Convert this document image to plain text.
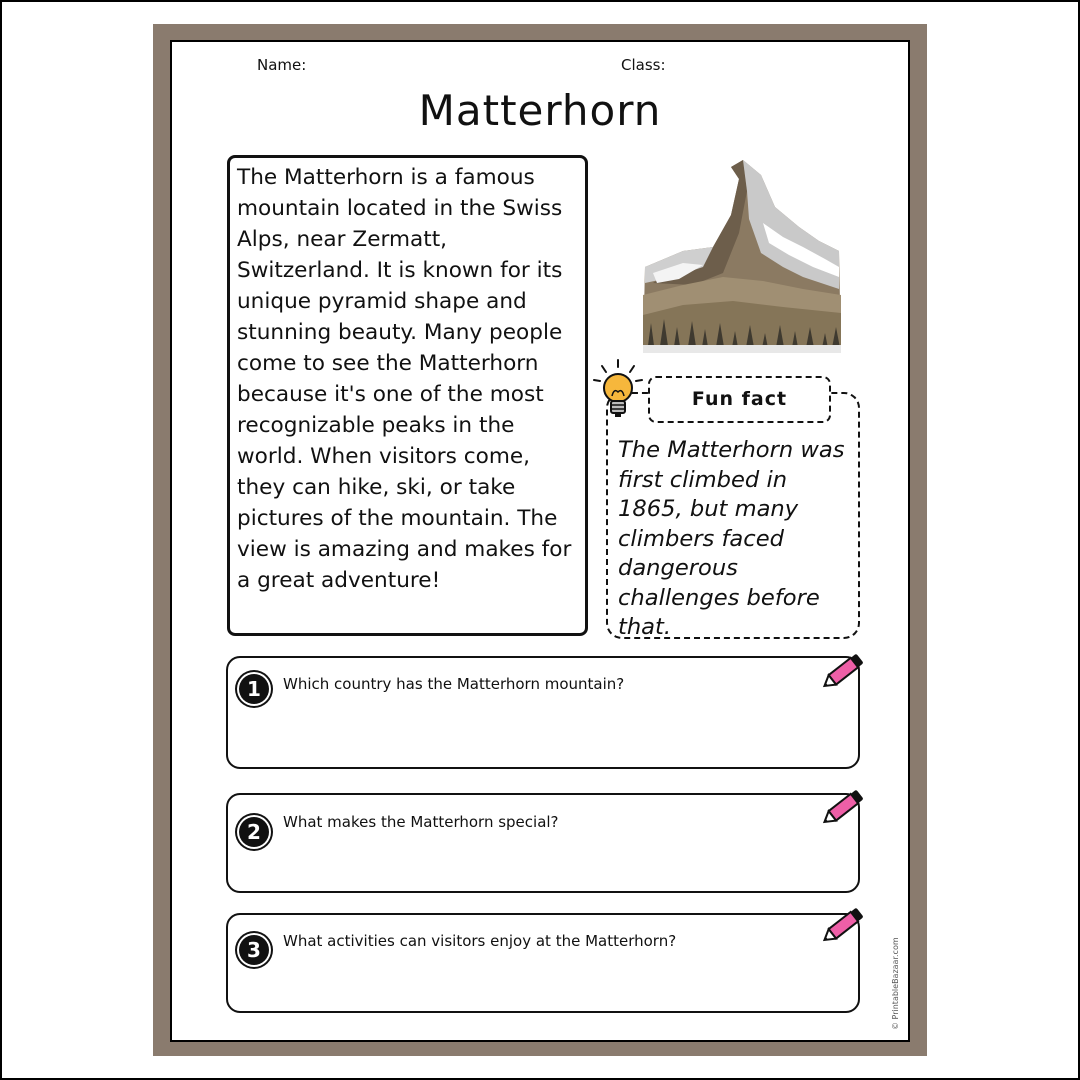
Name:	Class:
Matterhorn
The Matterhorn is a famous mountain located in the Swiss Alps, near Zermatt, Switzerland. It is known for its unique pyramid shape and stunning beauty. Many people come to see the Matterhorn because it's one of the most recognizable peaks in the world. When visitors come, they can hike, ski, or take pictures of the mountain. The view is amazing and makes for a great adventure!
Fun fact
The Matterhorn was first climbed in 1865, but many climbers faced dangerous challenges before that.
1	Which country has the Matterhorn mountain?
2	What makes the Matterhorn special?
3	What activities can visitors enjoy at the Matterhorn?	© PrintableBazaar.com
